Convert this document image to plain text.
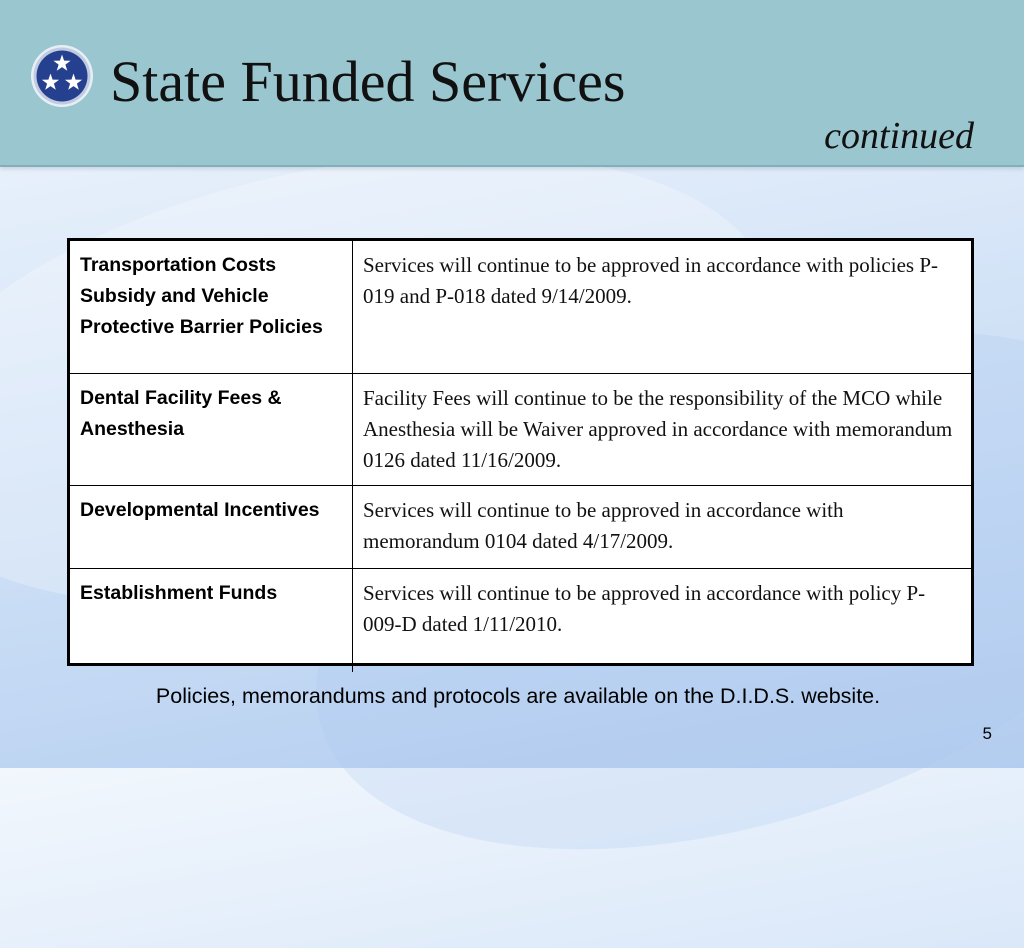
State Funded Services
continued
Transportation Costs Subsidy and Vehicle Protective Barrier Policies	Services will continue to be approved in accordance with policies P-019 and P-018 dated 9/14/2009.
Dental Facility Fees & Anesthesia	Facility Fees will continue to be the responsibility of the MCO while Anesthesia will be Waiver approved in accordance with memorandum 0126 dated 11/16/2009.
Developmental Incentives	Services will continue to be approved in accordance with memorandum 0104 dated 4/17/2009.
Establishment Funds	Services will continue to be approved in accordance with policy P-009-D dated 1/11/2010.
Policies, memorandums and protocols are available on the D.I.D.S. website.
5
